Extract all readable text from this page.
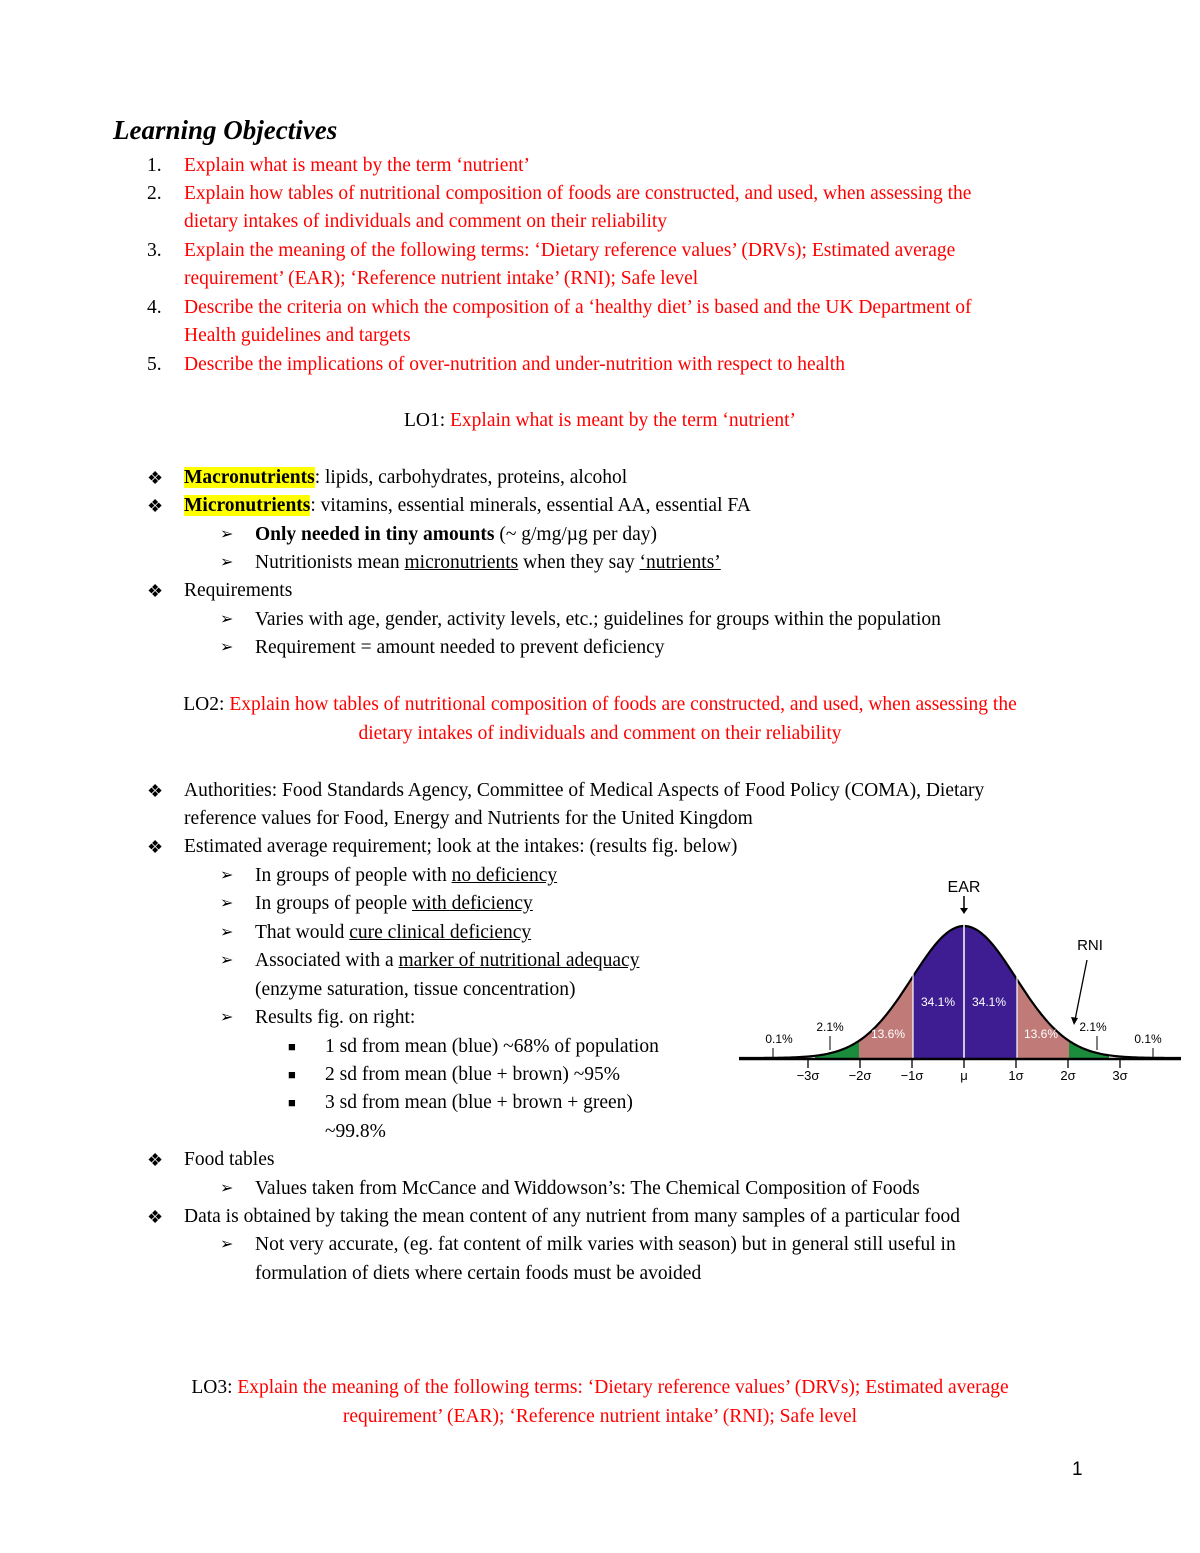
Learning Objectives
1. Explain what is meant by the term ‘nutrient’
2. Explain how tables of nutritional composition of foods are constructed, and used, when assessing the
dietary intakes of individuals and comment on their reliability
3. Explain the meaning of the following terms: ‘Dietary reference values’ (DRVs); Estimated average
requirement’ (EAR); ‘Reference nutrient intake’ (RNI); Safe level
4. Describe the criteria on which the composition of a ‘healthy diet’ is based and the UK Department of
Health guidelines and targets
5. Describe the implications of over-nutrition and under-nutrition with respect to health
LO1: Explain what is meant by the term ‘nutrient’
❖ Macronutrients: lipids, carbohydrates, proteins, alcohol
❖ Micronutrients: vitamins, essential minerals, essential AA, essential FA
➢ Only needed in tiny amounts (~ g/mg/µg per day)
➢ Nutritionists mean micronutrients when they say ‘nutrients’
❖ Requirements
➢ Varies with age, gender, activity levels, etc.; guidelines for groups within the population
➢ Requirement = amount needed to prevent deficiency
LO2: Explain how tables of nutritional composition of foods are constructed, and used, when assessing the
dietary intakes of individuals and comment on their reliability
❖ Authorities: Food Standards Agency, Committee of Medical Aspects of Food Policy (COMA), Dietary
reference values for Food, Energy and Nutrients for the United Kingdom
❖ Estimated average requirement; look at the intakes: (results fig. below)
➢ In groups of people with no deficiency
➢ In groups of people with deficiency
➢ That would cure clinical deficiency
➢ Associated with a marker of nutritional adequacy
(enzyme saturation, tissue concentration)
➢ Results fig. on right:
■ 1 sd from mean (blue) ~68% of population
■ 2 sd from mean (blue + brown) ~95%
■ 3 sd from mean (blue + brown + green)
~99.8%
❖ Food tables
➢ Values taken from McCance and Widdowson’s: The Chemical Composition of Foods
❖ Data is obtained by taking the mean content of any nutrient from many samples of a particular food
➢ Not very accurate, (eg. fat content of milk varies with season) but in general still useful in
formulation of diets where certain foods must be avoided
LO3: Explain the meaning of the following terms: ‘Dietary reference values’ (DRVs); Estimated average
requirement’ (EAR); ‘Reference nutrient intake’ (RNI); Safe level
1
−3σ −2σ −1σ	μ	1σ	2σ	3σ
EAR
RNI
0.1%
2.1% 13.6%
34.1% 34.1%
13.6% 2.1%
0.1%
